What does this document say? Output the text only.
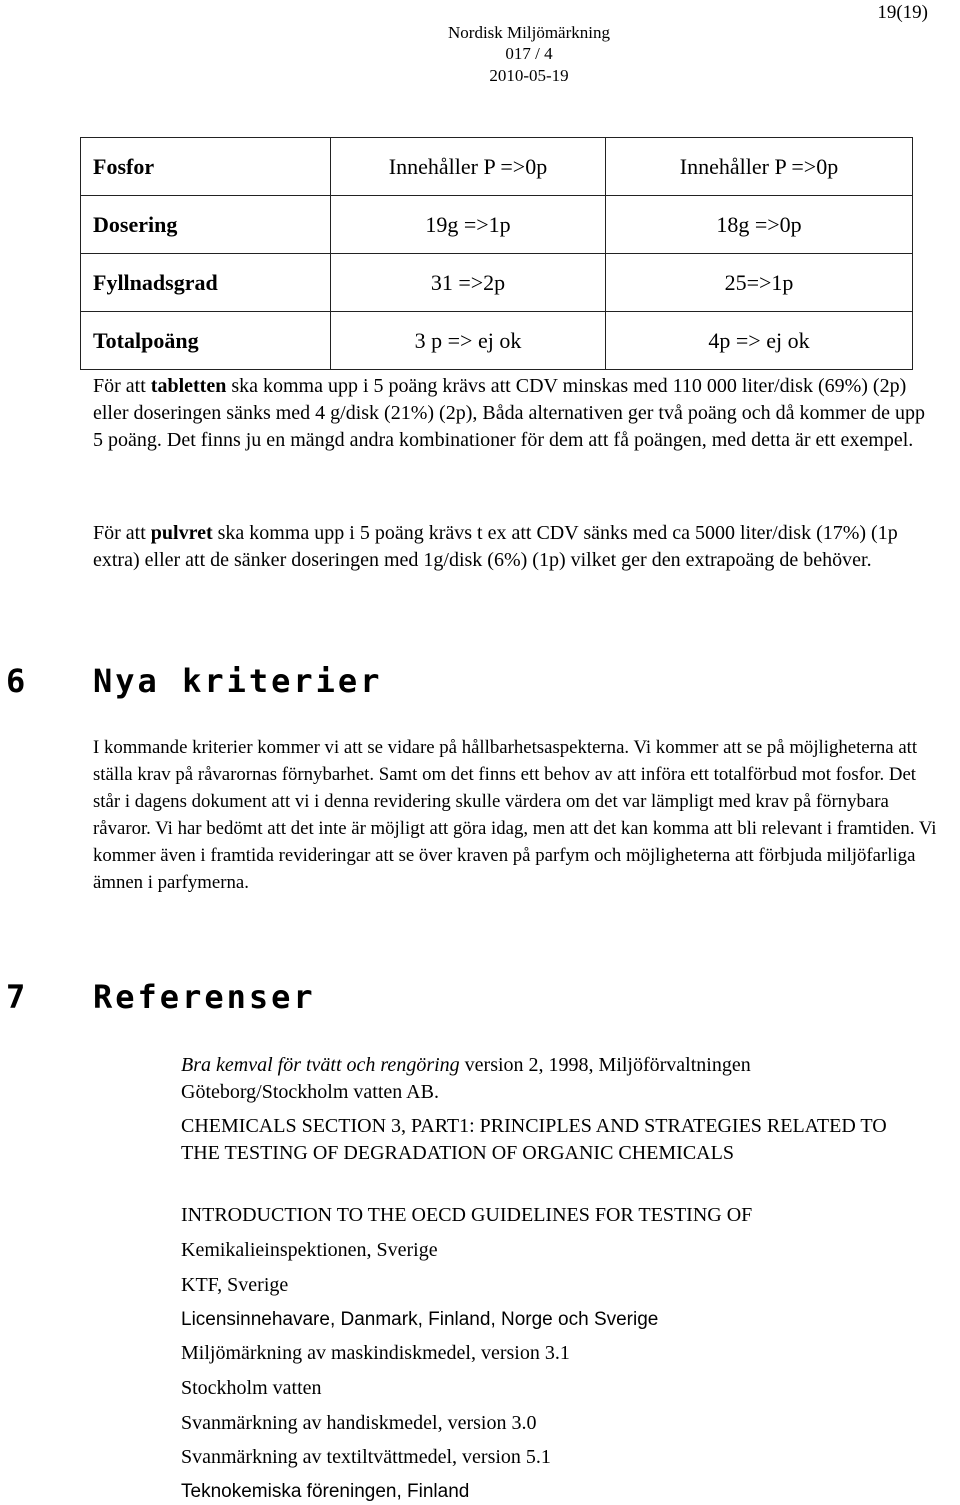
19(19)
Nordisk Miljömärkning
017 / 4
2010-05-19
Fosfor	Innehåller P =>0p	Innehåller P =>0p
Dosering	19g =>1p	18g =>0p
Fyllnadsgrad	31 =>2p	25=>1p
Totalpoäng	3 p => ej ok	4p => ej ok
För att tabletten ska komma upp i 5 poäng krävs att CDV minskas med 110 000 liter/disk (69%) (2p) eller doseringen sänks med 4 g/disk (21%) (2p), Båda alternativen ger två poäng och då kommer de upp 5 poäng. Det finns ju en mängd andra kombinationer för dem att få poängen, med detta är ett exempel.
För att pulvret ska komma upp i 5 poäng krävs t ex att CDV sänks med ca 5000 liter/disk (17%) (1p extra) eller att de sänker doseringen med 1g/disk (6%) (1p) vilket ger den extrapoäng de behöver.
6 Nya kriterier
I kommande kriterier kommer vi att se vidare på hållbarhetsaspekterna. Vi kommer att se på möjligheterna att ställa krav på råvarornas förnybarhet. Samt om det finns ett behov av att införa ett totalförbud mot fosfor. Det står i dagens dokument att vi i denna revidering skulle värdera om det var lämpligt med krav på förnybara råvaror. Vi har bedömt att det inte är möjligt att göra idag, men att det kan komma att bli relevant i framtiden. Vi kommer även i framtida revideringar att se över kraven på parfym och möjligheterna att förbjuda miljöfarliga ämnen i parfymerna.
7 Referenser
Bra kemval för tvätt och rengöring version 2, 1998, Miljöförvaltningen Göteborg/Stockholm vatten AB.
CHEMICALS SECTION 3, PART1: PRINCIPLES AND STRATEGIES RELATED TO THE TESTING OF DEGRADATION OF ORGANIC CHEMICALS
INTRODUCTION TO THE OECD GUIDELINES FOR TESTING OF
Kemikalieinspektionen, Sverige
KTF, Sverige
Licensinnehavare, Danmark, Finland, Norge och Sverige
Miljömärkning av maskindiskmedel, version 3.1
Stockholm vatten
Svanmärkning av handiskmedel, version 3.0
Svanmärkning av textiltvättmedel, version 5.1
Teknokemiska föreningen, Finland
